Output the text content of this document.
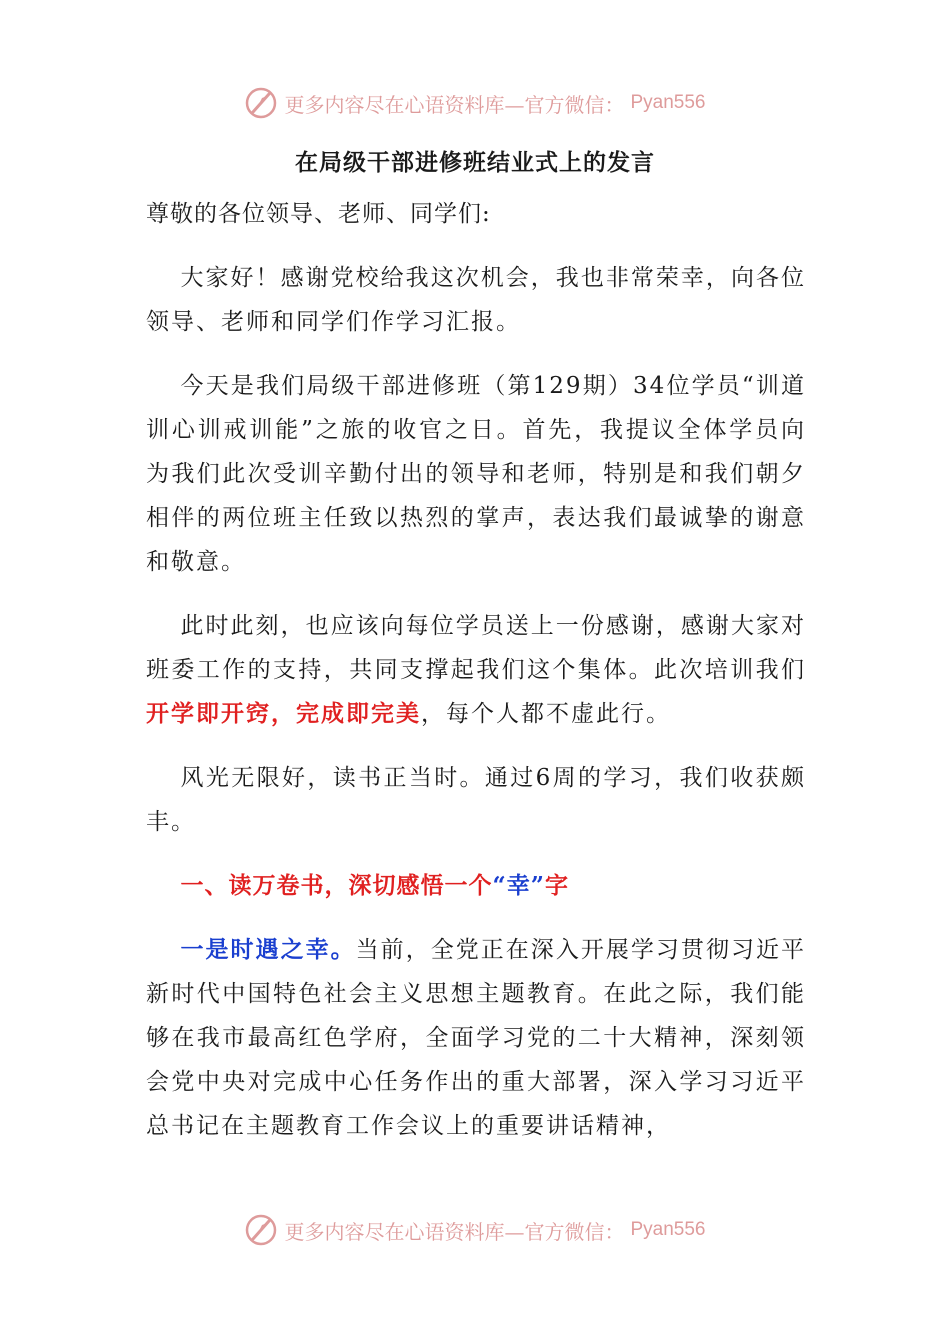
更多内容尽在心语资料库—官方微信： Pyan556
在局级干部进修班结业式上的发言

尊敬的各位领导、老师、同学们:

大家好！感谢党校给我这次机会，我也非常荣幸，向各位领导、老师和同学们作学习汇报。

今天是我们局级干部进修班（第129期）34位学员“训道训心训戒训能”之旅的收官之日。首先，我提议全体学员向为我们此次受训辛勤付出的领导和老师，特别是和我们朝夕相伴的两位班主任致以热烈的掌声，表达我们最诚挚的谢意和敬意。

此时此刻，也应该向每位学员送上一份感谢，感谢大家对班委工作的支持，共同支撑起我们这个集体。此次培训我们开学即开窍，完成即完美，每个人都不虚此行。

风光无限好，读书正当时。通过6周的学习，我们收获颇丰。

一、读万卷书，深切感悟一个“幸”字

一是时遇之幸。当前，全党正在深入开展学习贯彻习近平新时代中国特色社会主义思想主题教育。在此之际，我们能够在我市最高红色学府，全面学习党的二十大精神，深刻领会党中央对完成中心任务作出的重大部署，深入学习习近平总书记在主题教育工作会议上的重要讲话精神，

更多内容尽在心语资料库—官方微信： Pyan556
